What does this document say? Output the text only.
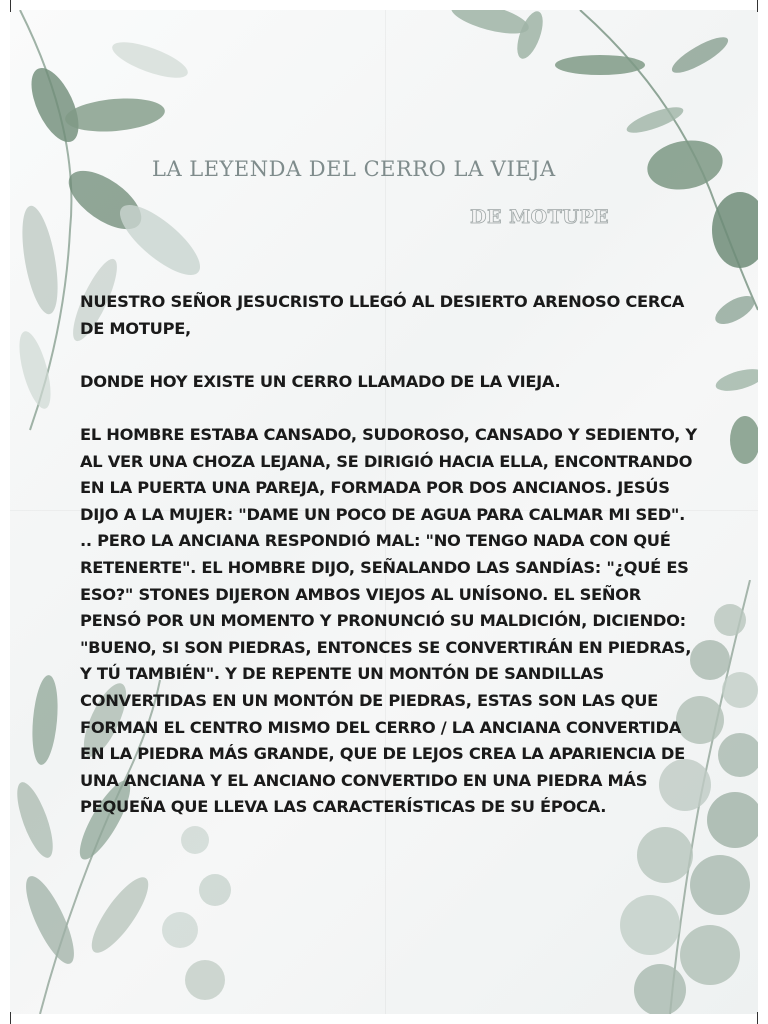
LA LEYENDA DEL CERRO LA VIEJA
DE MOTUPE

NUESTRO SEÑOR JESUCRISTO LLEGÓ AL DESIERTO ARENOSO CERCA DE MOTUPE,

DONDE HOY EXISTE UN CERRO LLAMADO DE LA VIEJA.

EL HOMBRE ESTABA CANSADO, SUDOROSO, CANSADO Y SEDIENTO, Y AL VER UNA CHOZA LEJANA, SE DIRIGIÓ HACIA ELLA, ENCONTRANDO EN LA PUERTA UNA PAREJA, FORMADA POR DOS ANCIANOS. JESÚS DIJO A LA MUJER: "DAME UN POCO DE AGUA PARA CALMAR MI SED". .. PERO LA ANCIANA RESPONDIÓ MAL: "NO TENGO NADA CON QUÉ RETENERTE". EL HOMBRE DIJO, SEÑALANDO LAS SANDÍAS: "¿QUÉ ES ESO?" STONES DIJERON AMBOS VIEJOS AL UNÍSONO. EL SEÑOR PENSÓ POR UN MOMENTO Y PRONUNCIÓ SU MALDICIÓN, DICIENDO: "BUENO, SI SON PIEDRAS, ENTONCES SE CONVERTIRÁN EN PIEDRAS, Y TÚ TAMBIÉN". Y DE REPENTE UN MONTÓN DE SANDILLAS CONVERTIDAS EN UN MONTÓN DE PIEDRAS, ESTAS SON LAS QUE FORMAN EL CENTRO MISMO DEL CERRO / LA ANCIANA CONVERTIDA EN LA PIEDRA MÁS GRANDE, QUE DE LEJOS CREA LA APARIENCIA DE UNA ANCIANA Y EL ANCIANO CONVERTIDO EN UNA PIEDRA MÁS PEQUEÑA QUE LLEVA LAS CARACTERÍSTICAS DE SU ÉPOCA.
